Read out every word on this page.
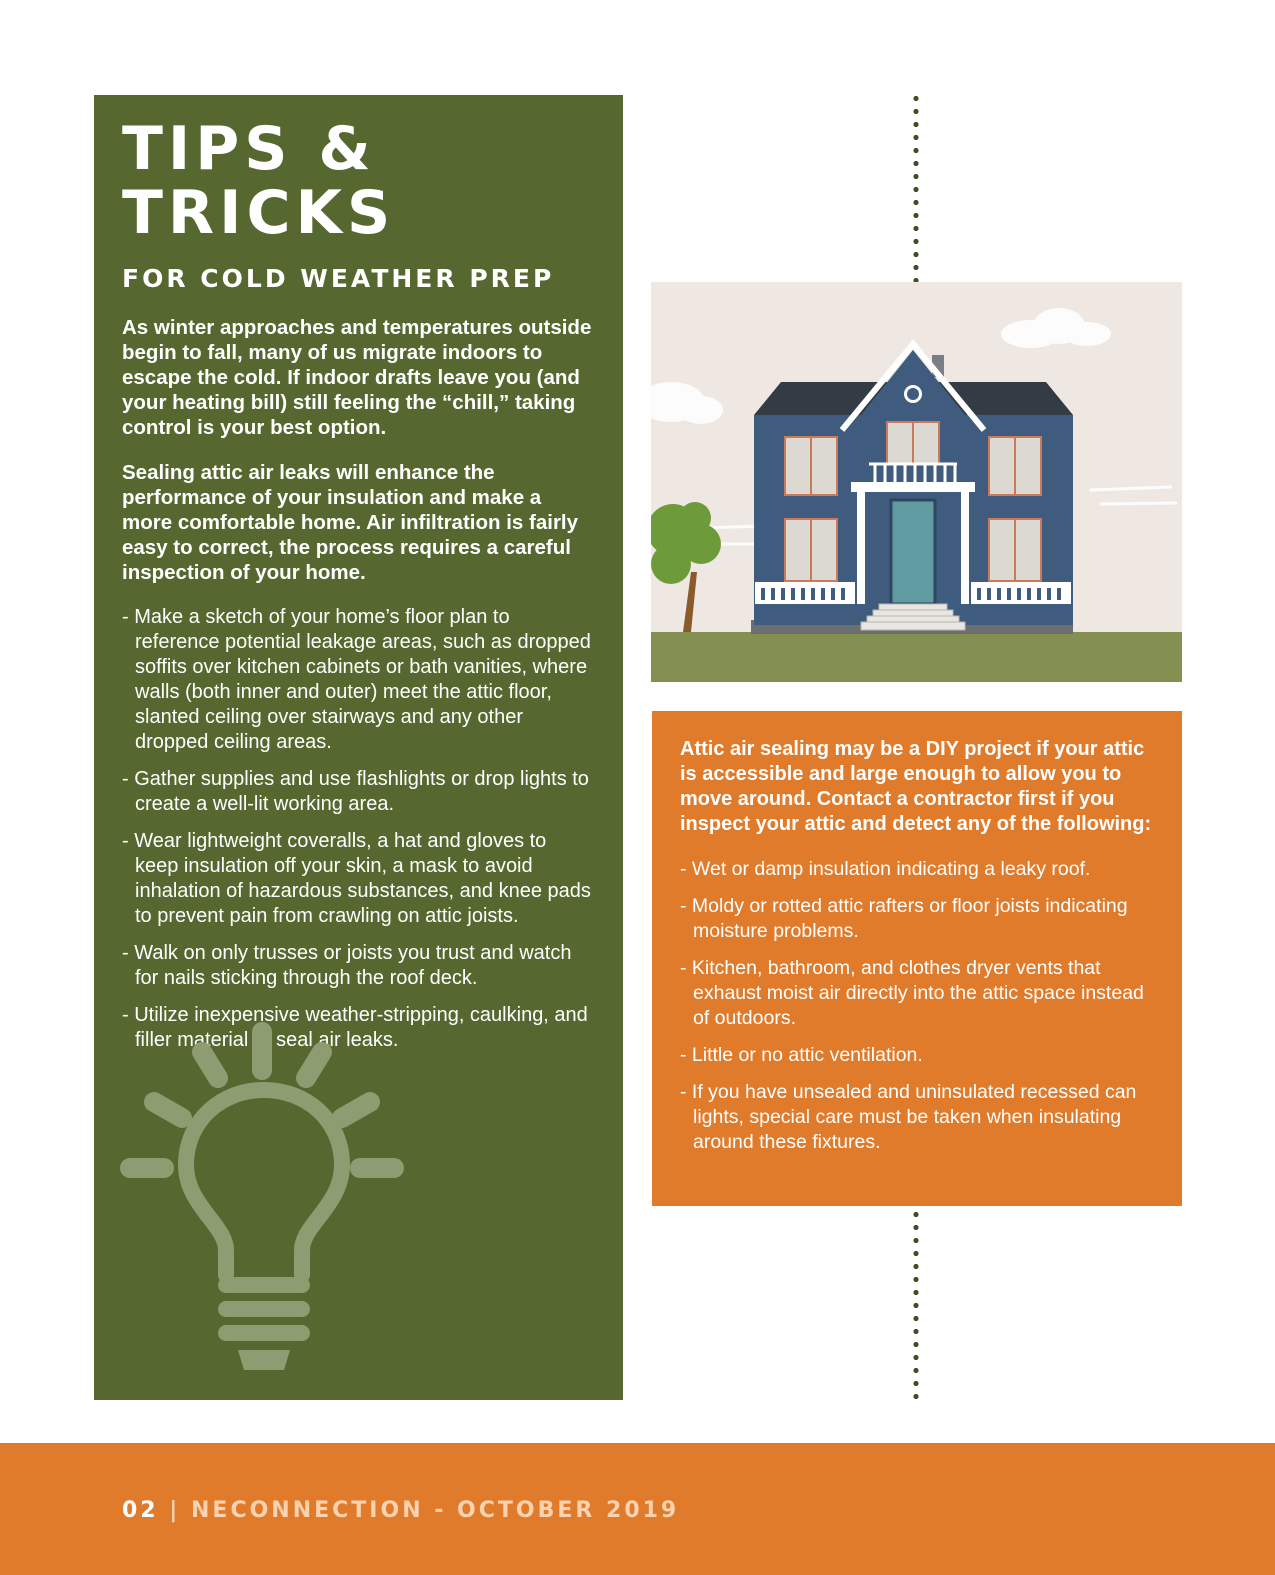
TIPS & TRICKS
FOR COLD WEATHER PREP

As winter approaches and temperatures outside begin to fall, many of us migrate indoors to escape the cold. If indoor drafts leave you (and your heating bill) still feeling the “chill,” taking control is your best option.

Sealing attic air leaks will enhance the performance of your insulation and make a more comfortable home. Air infiltration is fairly easy to correct, the process requires a careful inspection of your home.

- Make a sketch of your home’s floor plan to reference potential leakage areas, such as dropped soffits over kitchen cabinets or bath vanities, where walls (both inner and outer) meet the attic floor, slanted ceiling over stairways and any other dropped ceiling areas.
- Gather supplies and use flashlights or drop lights to create a well-lit working area.
- Wear lightweight coveralls, a hat and gloves to keep insulation off your skin, a mask to avoid inhalation of hazardous substances, and knee pads to prevent pain from crawling on attic joists.
- Walk on only trusses or joists you trust and watch for nails sticking through the roof deck.
- Utilize inexpensive weather-stripping, caulking, and filler material to seal air leaks.

Attic air sealing may be a DIY project if your attic is accessible and large enough to allow you to move around. Contact a contractor first if you inspect your attic and detect any of the following:

- Wet or damp insulation indicating a leaky roof.
- Moldy or rotted attic rafters or floor joists indicating moisture problems.
- Kitchen, bathroom, and clothes dryer vents that exhaust moist air directly into the attic space instead of outdoors.
- Little or no attic ventilation.
- If you have unsealed and uninsulated recessed can lights, special care must be taken when insulating around these fixtures.
02 | NECONNECTION - OCTOBER 2019
